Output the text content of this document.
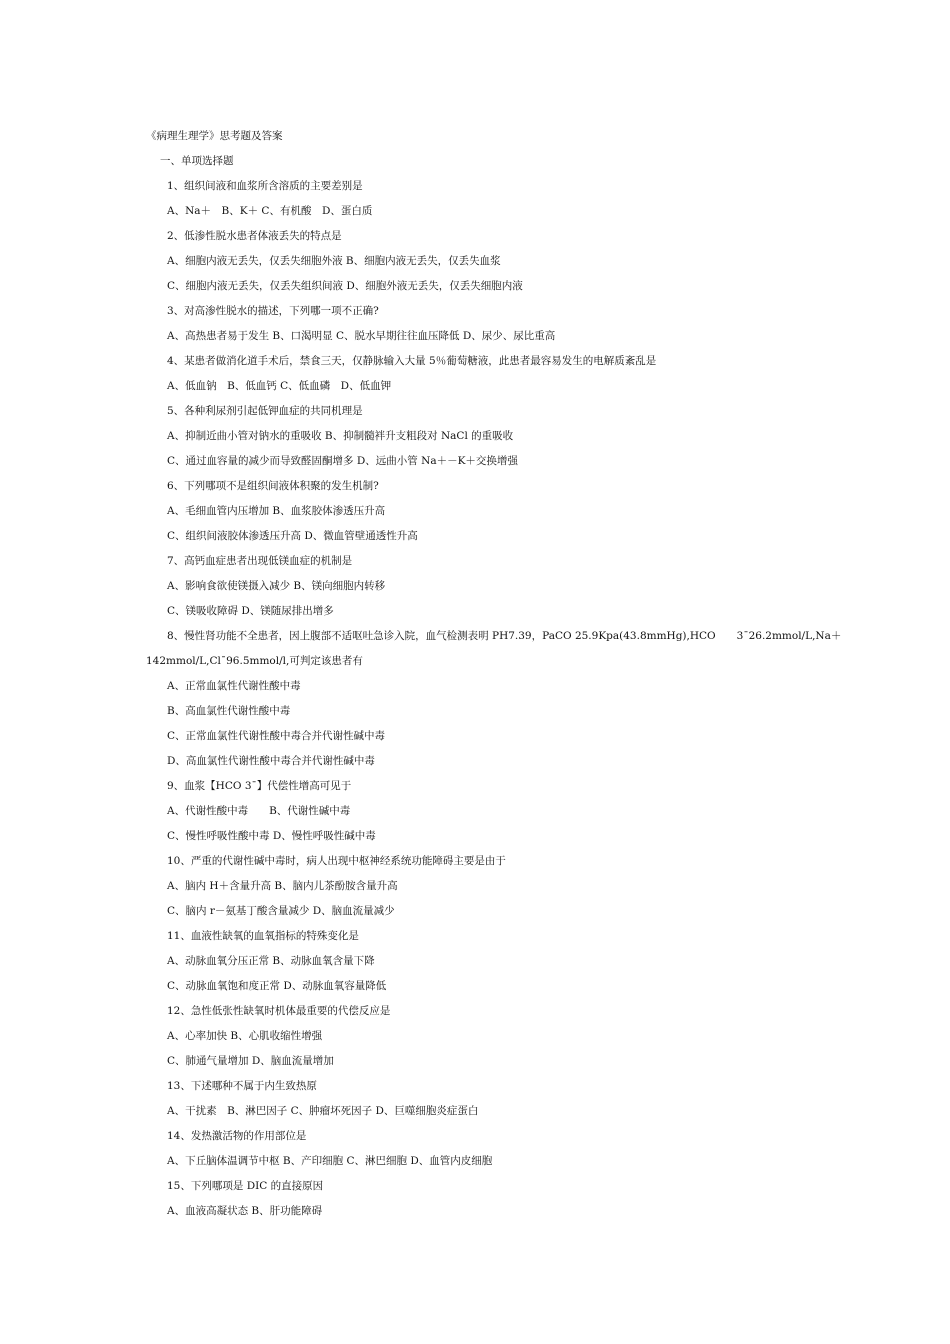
《病理生理学》思考题及答案
一、单项选择题
1、组织间液和血浆所含溶质的主要差别是
A、Na＋　B、K＋ C、有机酸　D、蛋白质
2、低渗性脱水患者体液丢失的特点是
A、细胞内液无丢失，仅丢失细胞外液 B、细胞内液无丢失，仅丢失血浆
C、细胞内液无丢失，仅丢失组织间液 D、细胞外液无丢失，仅丢失细胞内液
3、对高渗性脱水的描述，下列哪一项不正确?
A、高热患者易于发生 B、口渴明显 C、脱水早期往往血压降低 D、尿少、尿比重高
4、某患者做消化道手术后，禁食三天，仅静脉输入大量 5％葡萄糖液，此患者最容易发生的电解质紊乱是
A、低血钠　B、低血钙 C、低血磷　D、低血钾
5、各种利尿剂引起低钾血症的共同机理是
A、抑制近曲小管对钠水的重吸收 B、抑制髓袢升支粗段对 NaCl 的重吸收
C、通过血容量的减少而导致醛固酮增多 D、远曲小管 Na＋－K＋交换增强
6、下列哪项不是组织间液体积聚的发生机制?
A、毛细血管内压增加 B、血浆胶体渗透压升高
C、组织间液胶体渗透压升高 D、微血管壁通透性升高
7、高钙血症患者出现低镁血症的机制是
A、影响食欲使镁摄入减少 B、镁向细胞内转移
C、镁吸收障碍 D、镁随尿排出增多
8、慢性肾功能不全患者，因上腹部不适呕吐急诊入院，血气检测表明 PH7.39，PaCO 25.9Kpa(43.8mmHg),HCO　　3ˉ26.2mmol/L,Na＋
142mmol/L,Clˉ96.5mmol/l,可判定该患者有
A、正常血氯性代谢性酸中毒
B、高血氯性代谢性酸中毒
C、正常血氯性代谢性酸中毒合并代谢性碱中毒
D、高血氯性代谢性酸中毒合并代谢性碱中毒
9、血浆【HCO 3ˉ】代偿性增高可见于
A、代谢性酸中毒　　B、代谢性碱中毒
C、慢性呼吸性酸中毒 D、慢性呼吸性碱中毒
10、严重的代谢性碱中毒时，病人出现中枢神经系统功能障碍主要是由于
A、脑内 H＋含量升高 B、脑内儿茶酚胺含量升高
C、脑内 r－氨基丁酸含量减少 D、脑血流量减少
11、血液性缺氧的血氧指标的特殊变化是
A、动脉血氧分压正常 B、动脉血氧含量下降
C、动脉血氧饱和度正常 D、动脉血氧容量降低
12、急性低张性缺氧时机体最重要的代偿反应是
A、心率加快 B、心肌收缩性增强
C、肺通气量增加 D、脑血流量增加
13、下述哪种不属于内生致热原
A、干扰素　B、淋巴因子 C、肿瘤坏死因子 D、巨噬细胞炎症蛋白
14、发热激活物的作用部位是
A、下丘脑体温调节中枢 B、产印细胞 C、淋巴细胞 D、血管内皮细胞
15、下列哪项是 DIC 的直接原因
A、血液高凝状态 B、肝功能障碍
